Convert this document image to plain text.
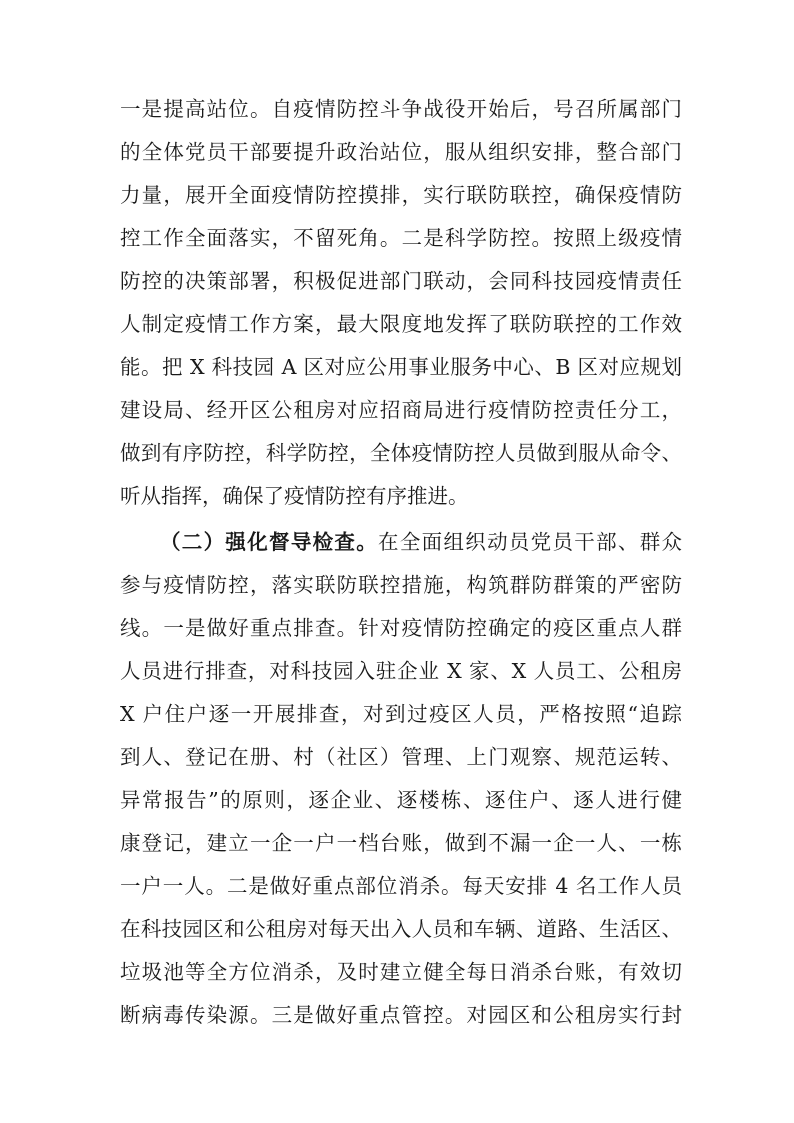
一是提高站位。自疫情防控斗争战役开始后，号召所属部门
的全体党员干部要提升政治站位，服从组织安排，整合部门
力量，展开全面疫情防控摸排，实行联防联控，确保疫情防
控工作全面落实，不留死角。二是科学防控。按照上级疫情
防控的决策部署，积极促进部门联动，会同科技园疫情责任
人制定疫情工作方案，最大限度地发挥了联防联控的工作效
能。把 X 科技园 A 区对应公用事业服务中心、B 区对应规划
建设局、经开区公租房对应招商局进行疫情防控责任分工，
做到有序防控，科学防控，全体疫情防控人员做到服从命令、
听从指挥，确保了疫情防控有序推进。
（二）强化督导检查。在全面组织动员党员干部、群众
参与疫情防控，落实联防联控措施，构筑群防群策的严密防
线。一是做好重点排查。针对疫情防控确定的疫区重点人群
人员进行排查，对科技园入驻企业 X 家、X 人员工、公租房
X 户住户逐一开展排查，对到过疫区人员，严格按照“追踪
到人、登记在册、村（社区）管理、上门观察、规范运转、
异常报告”的原则，逐企业、逐楼栋、逐住户、逐人进行健
康登记，建立一企一户一档台账，做到不漏一企一人、一栋
一户一人。二是做好重点部位消杀。每天安排 4 名工作人员
在科技园区和公租房对每天出入人员和车辆、道路、生活区、
垃圾池等全方位消杀，及时建立健全每日消杀台账，有效切
断病毒传染源。三是做好重点管控。对园区和公租房实行封
